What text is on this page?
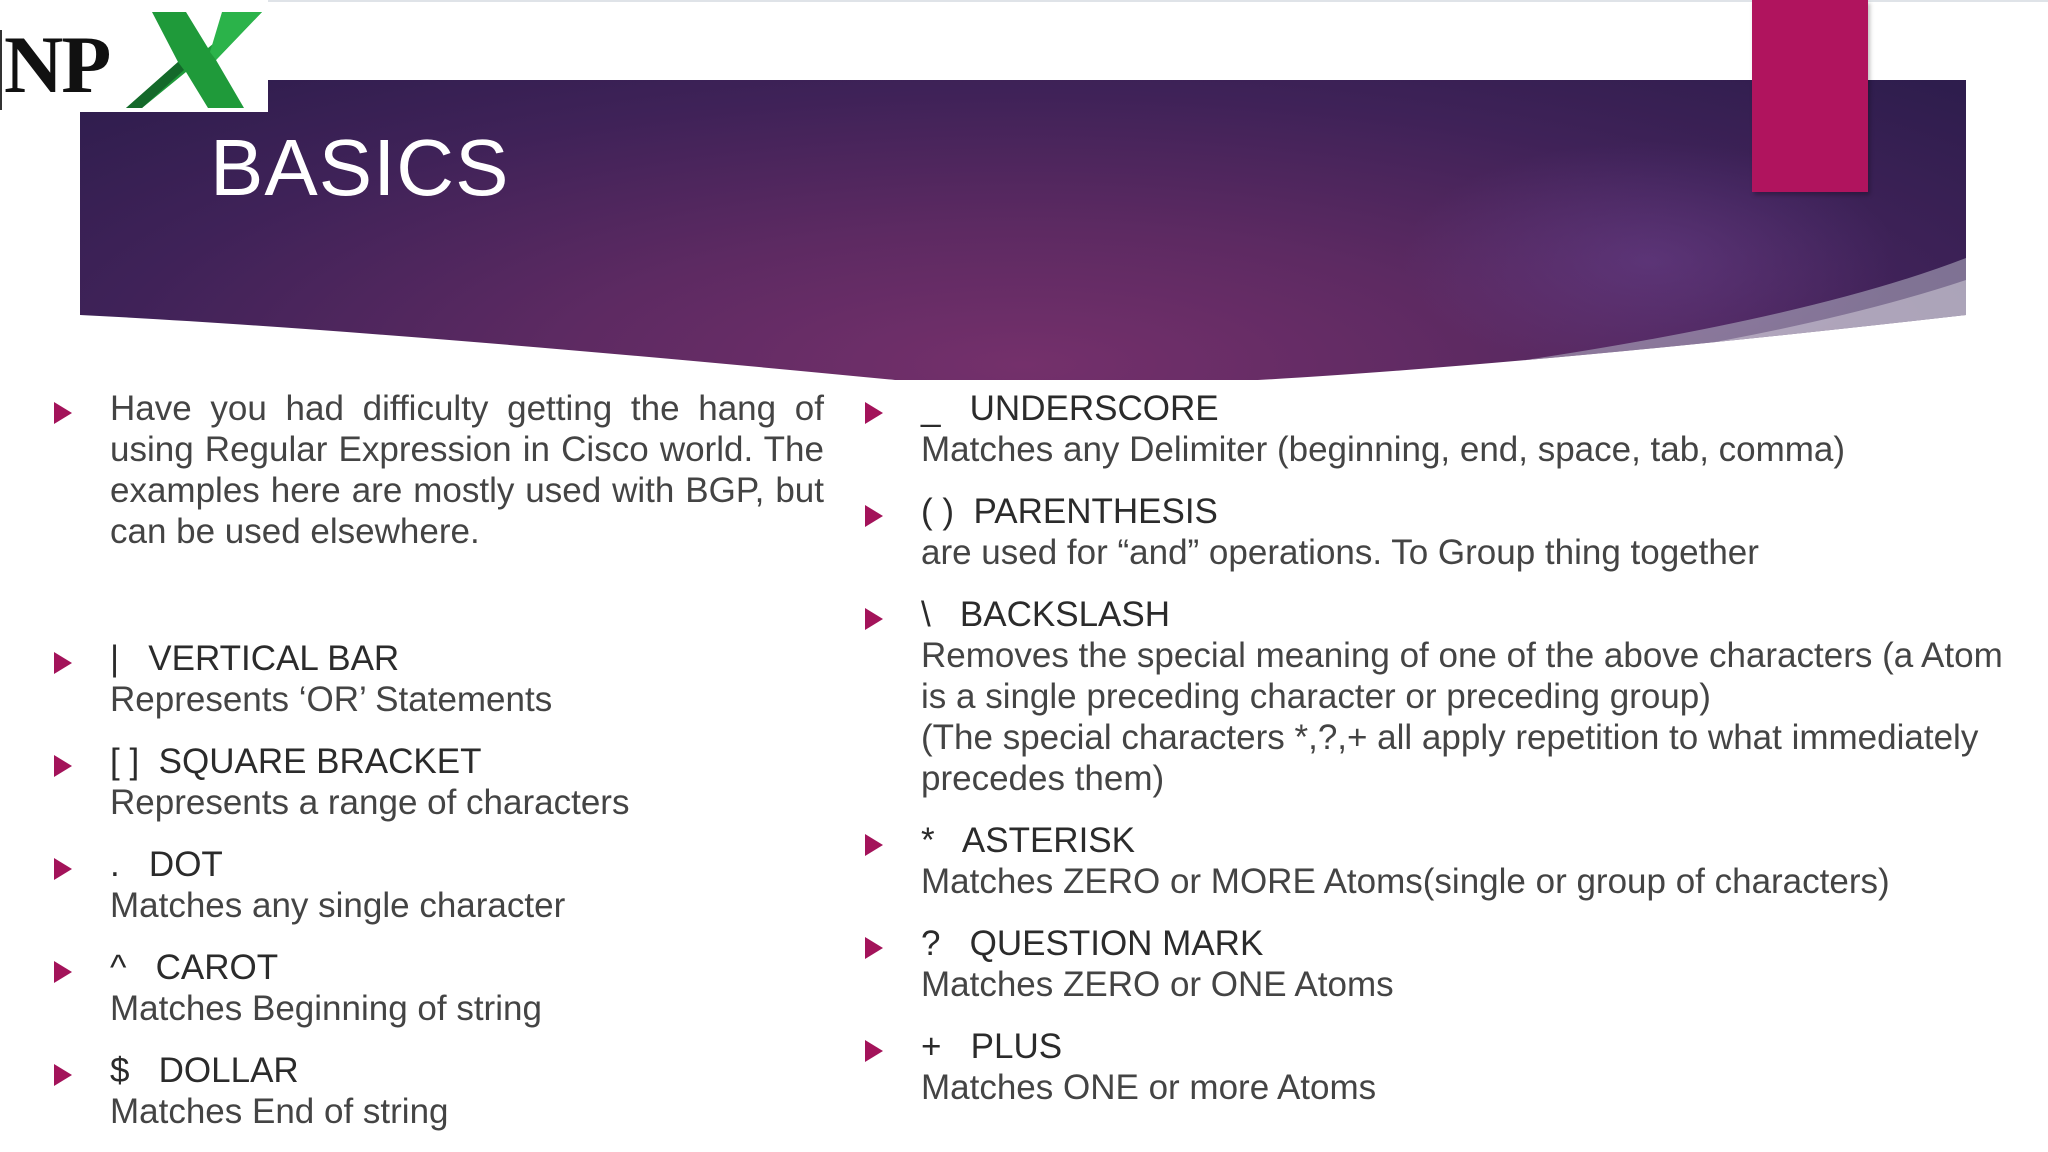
BASICS
NP
Have you had difficulty getting the hang of using Regular Expression in Cisco world. The examples here are mostly used with BGP, but can be used elsewhere.
| VERTICAL BAR
Represents ‘OR’ Statements
[ ] SQUARE BRACKET
Represents a range of characters
. DOT
Matches any single character
^ CAROT
Matches Beginning of string
$ DOLLAR
Matches End of string
_ UNDERSCORE
Matches any Delimiter (beginning, end, space, tab, comma)
( ) PARENTHESIS
are used for “and” operations. To Group thing together
\ BACKSLASH
Removes the special meaning of one of the above characters (a Atom is a single preceding character or preceding group)
(The special characters *,?,+ all apply repetition to what immediately precedes them)
* ASTERISK
Matches ZERO or MORE Atoms(single or group of characters)
? QUESTION MARK
Matches ZERO or ONE Atoms
+ PLUS
Matches ONE or more Atoms
